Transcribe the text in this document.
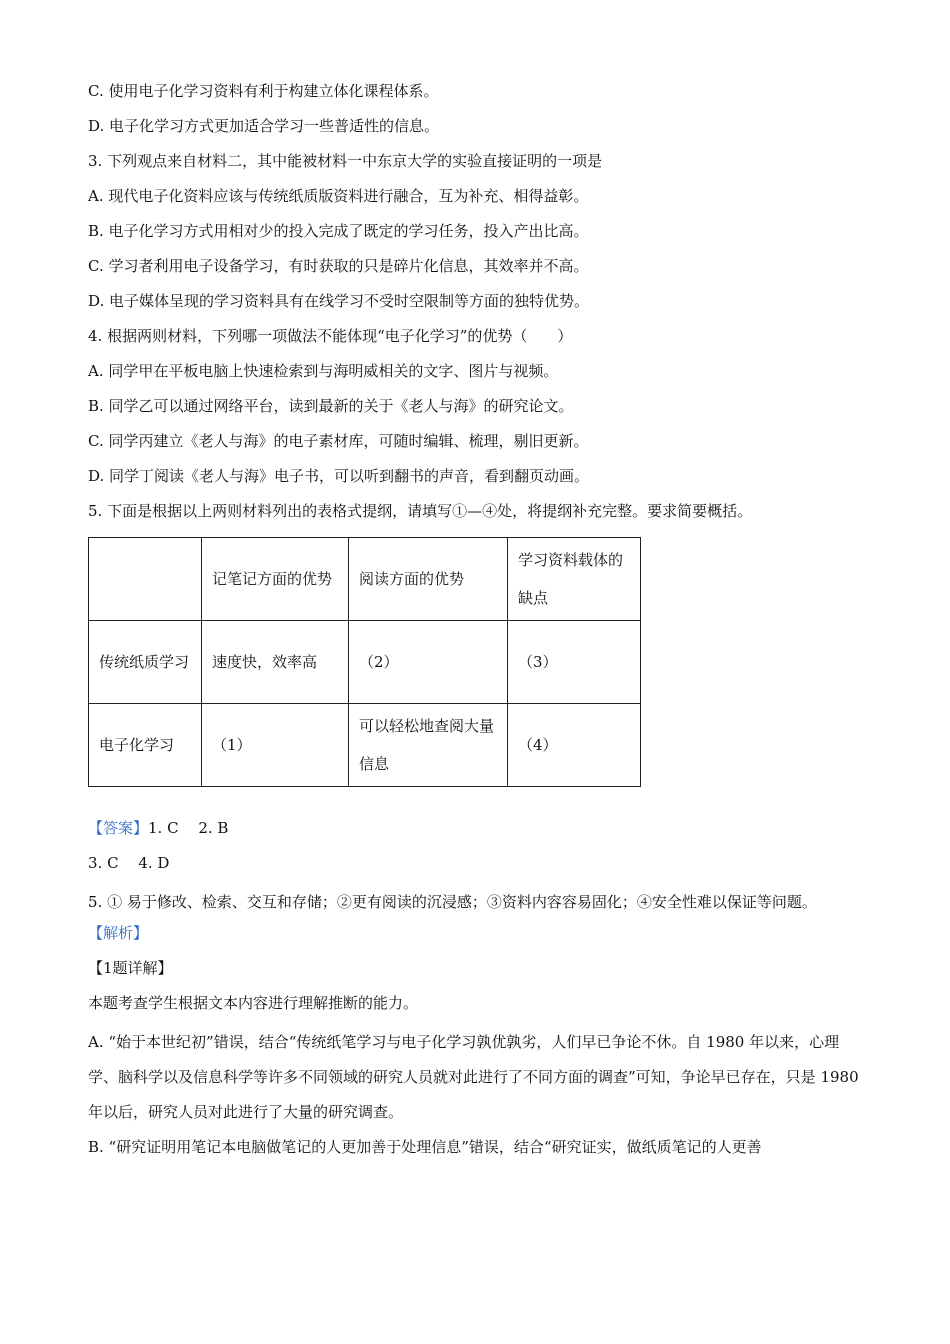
C. 使用电子化学习资料有利于构建立体化课程体系。
D. 电子化学习方式更加适合学习一些普适性的信息。
3. 下列观点来自材料二，其中能被材料一中东京大学的实验直接证明的一项是
A. 现代电子化资料应该与传统纸质版资料进行融合，互为补充、相得益彰。
B. 电子化学习方式用相对少的投入完成了既定的学习任务，投入产出比高。
C. 学习者利用电子设备学习，有时获取的只是碎片化信息，其效率并不高。
D. 电子媒体呈现的学习资料具有在线学习不受时空限制等方面的独特优势。
4. 根据两则材料，下列哪一项做法不能体现“电子化学习”的优势（　　）
A. 同学甲在平板电脑上快速检索到与海明威相关的文字、图片与视频。
B. 同学乙可以通过网络平台，读到最新的关于《老人与海》的研究论文。
C. 同学丙建立《老人与海》的电子素材库，可随时编辑、梳理，剔旧更新。
D. 同学丁阅读《老人与海》电子书，可以听到翻书的声音，看到翻页动画。
5. 下面是根据以上两则材料列出的表格式提纲，请填写①—④处，将提纲补充完整。要求简要概括。
	记笔记方面的优势	阅读方面的优势	学习资料载体的缺点
传统纸质学习	速度快，效率高	（2）	（3）
电子化学习	（1）	可以轻松地查阅大量信息	（4）
【答案】1. C　 2. B
3. C　 4. D
5. ① 易于修改、检索、交互和存储；②更有阅读的沉浸感；③资料内容容易固化；④安全性难以保证等问题。
【解析】
【1题详解】
本题考查学生根据文本内容进行理解推断的能力。
A. “始于本世纪初”错误，结合“传统纸笔学习与电子化学习孰优孰劣，人们早已争论不休。自 1980 年以来，心理学、脑科学以及信息科学等许多不同领域的研究人员就对此进行了不同方面的调查”可知，争论早已存在，只是 1980 年以后，研究人员对此进行了大量的研究调查。
B. “研究证明用笔记本电脑做笔记的人更加善于处理信息”错误，结合“研究证实，做纸质笔记的人更善
